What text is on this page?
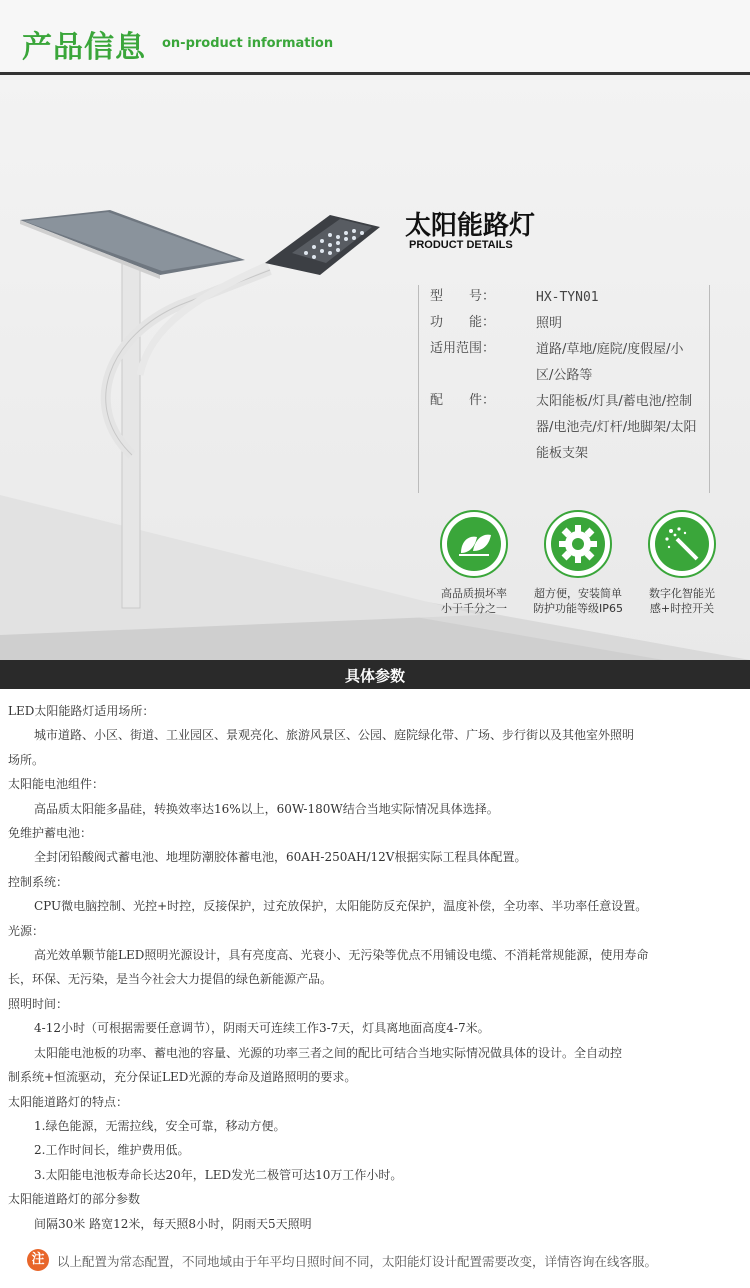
产品信息 on-product information
太阳能路灯
PRODUCT DETAILS
型　　号：	HX-TYN01
功　　能：	照明
适用范围：	道路/草地/庭院/度假屋/小区/公路等
配　　件：	太阳能板/灯具/蓄电池/控制器/电池壳/灯杆/地脚架/太阳能板支架
高品质损坏率
小于千分之一
超方便，安装简单
防护功能等级IP65
数字化智能光
感+时控开关
具体参数
LED太阳能路灯适用场所：
城市道路、小区、街道、工业园区、景观亮化、旅游风景区、公园、庭院绿化带、广场、步行街以及其他室外照明
场所。
太阳能电池组件：
高品质太阳能多晶硅，转换效率达16%以上，60W-180W结合当地实际情况具体选择。
免维护蓄电池：
全封闭铅酸阀式蓄电池、地埋防潮胶体蓄电池，60AH-250AH/12V根据实际工程具体配置。
控制系统：
CPU微电脑控制、光控+时控，反接保护，过充放保护，太阳能防反充保护，温度补偿，全功率、半功率任意设置。
光源：
高光效单颗节能LED照明光源设计，具有亮度高、光衰小、无污染等优点不用铺设电缆、不消耗常规能源，使用寿命
长，环保、无污染，是当今社会大力提倡的绿色新能源产品。
照明时间：
4-12小时（可根据需要任意调节），阴雨天可连续工作3-7天，灯具离地面高度4-7米。
太阳能电池板的功率、蓄电池的容量、光源的功率三者之间的配比可结合当地实际情况做具体的设计。全自动控
制系统+恒流驱动，充分保证LED光源的寿命及道路照明的要求。
太阳能道路灯的特点：
1.绿色能源，无需拉线，安全可靠，移动方便。
2.工作时间长，维护费用低。
3.太阳能电池板寿命长达20年，LED发光二极管可达10万工作小时。
太阳能道路灯的部分参数
间隔30米 路宽12米，每天照8小时，阴雨天5天照明
注	以上配置为常态配置，不同地域由于年平均日照时间不同，太阳能灯设计配置需要改变，详情咨询在线客服。
